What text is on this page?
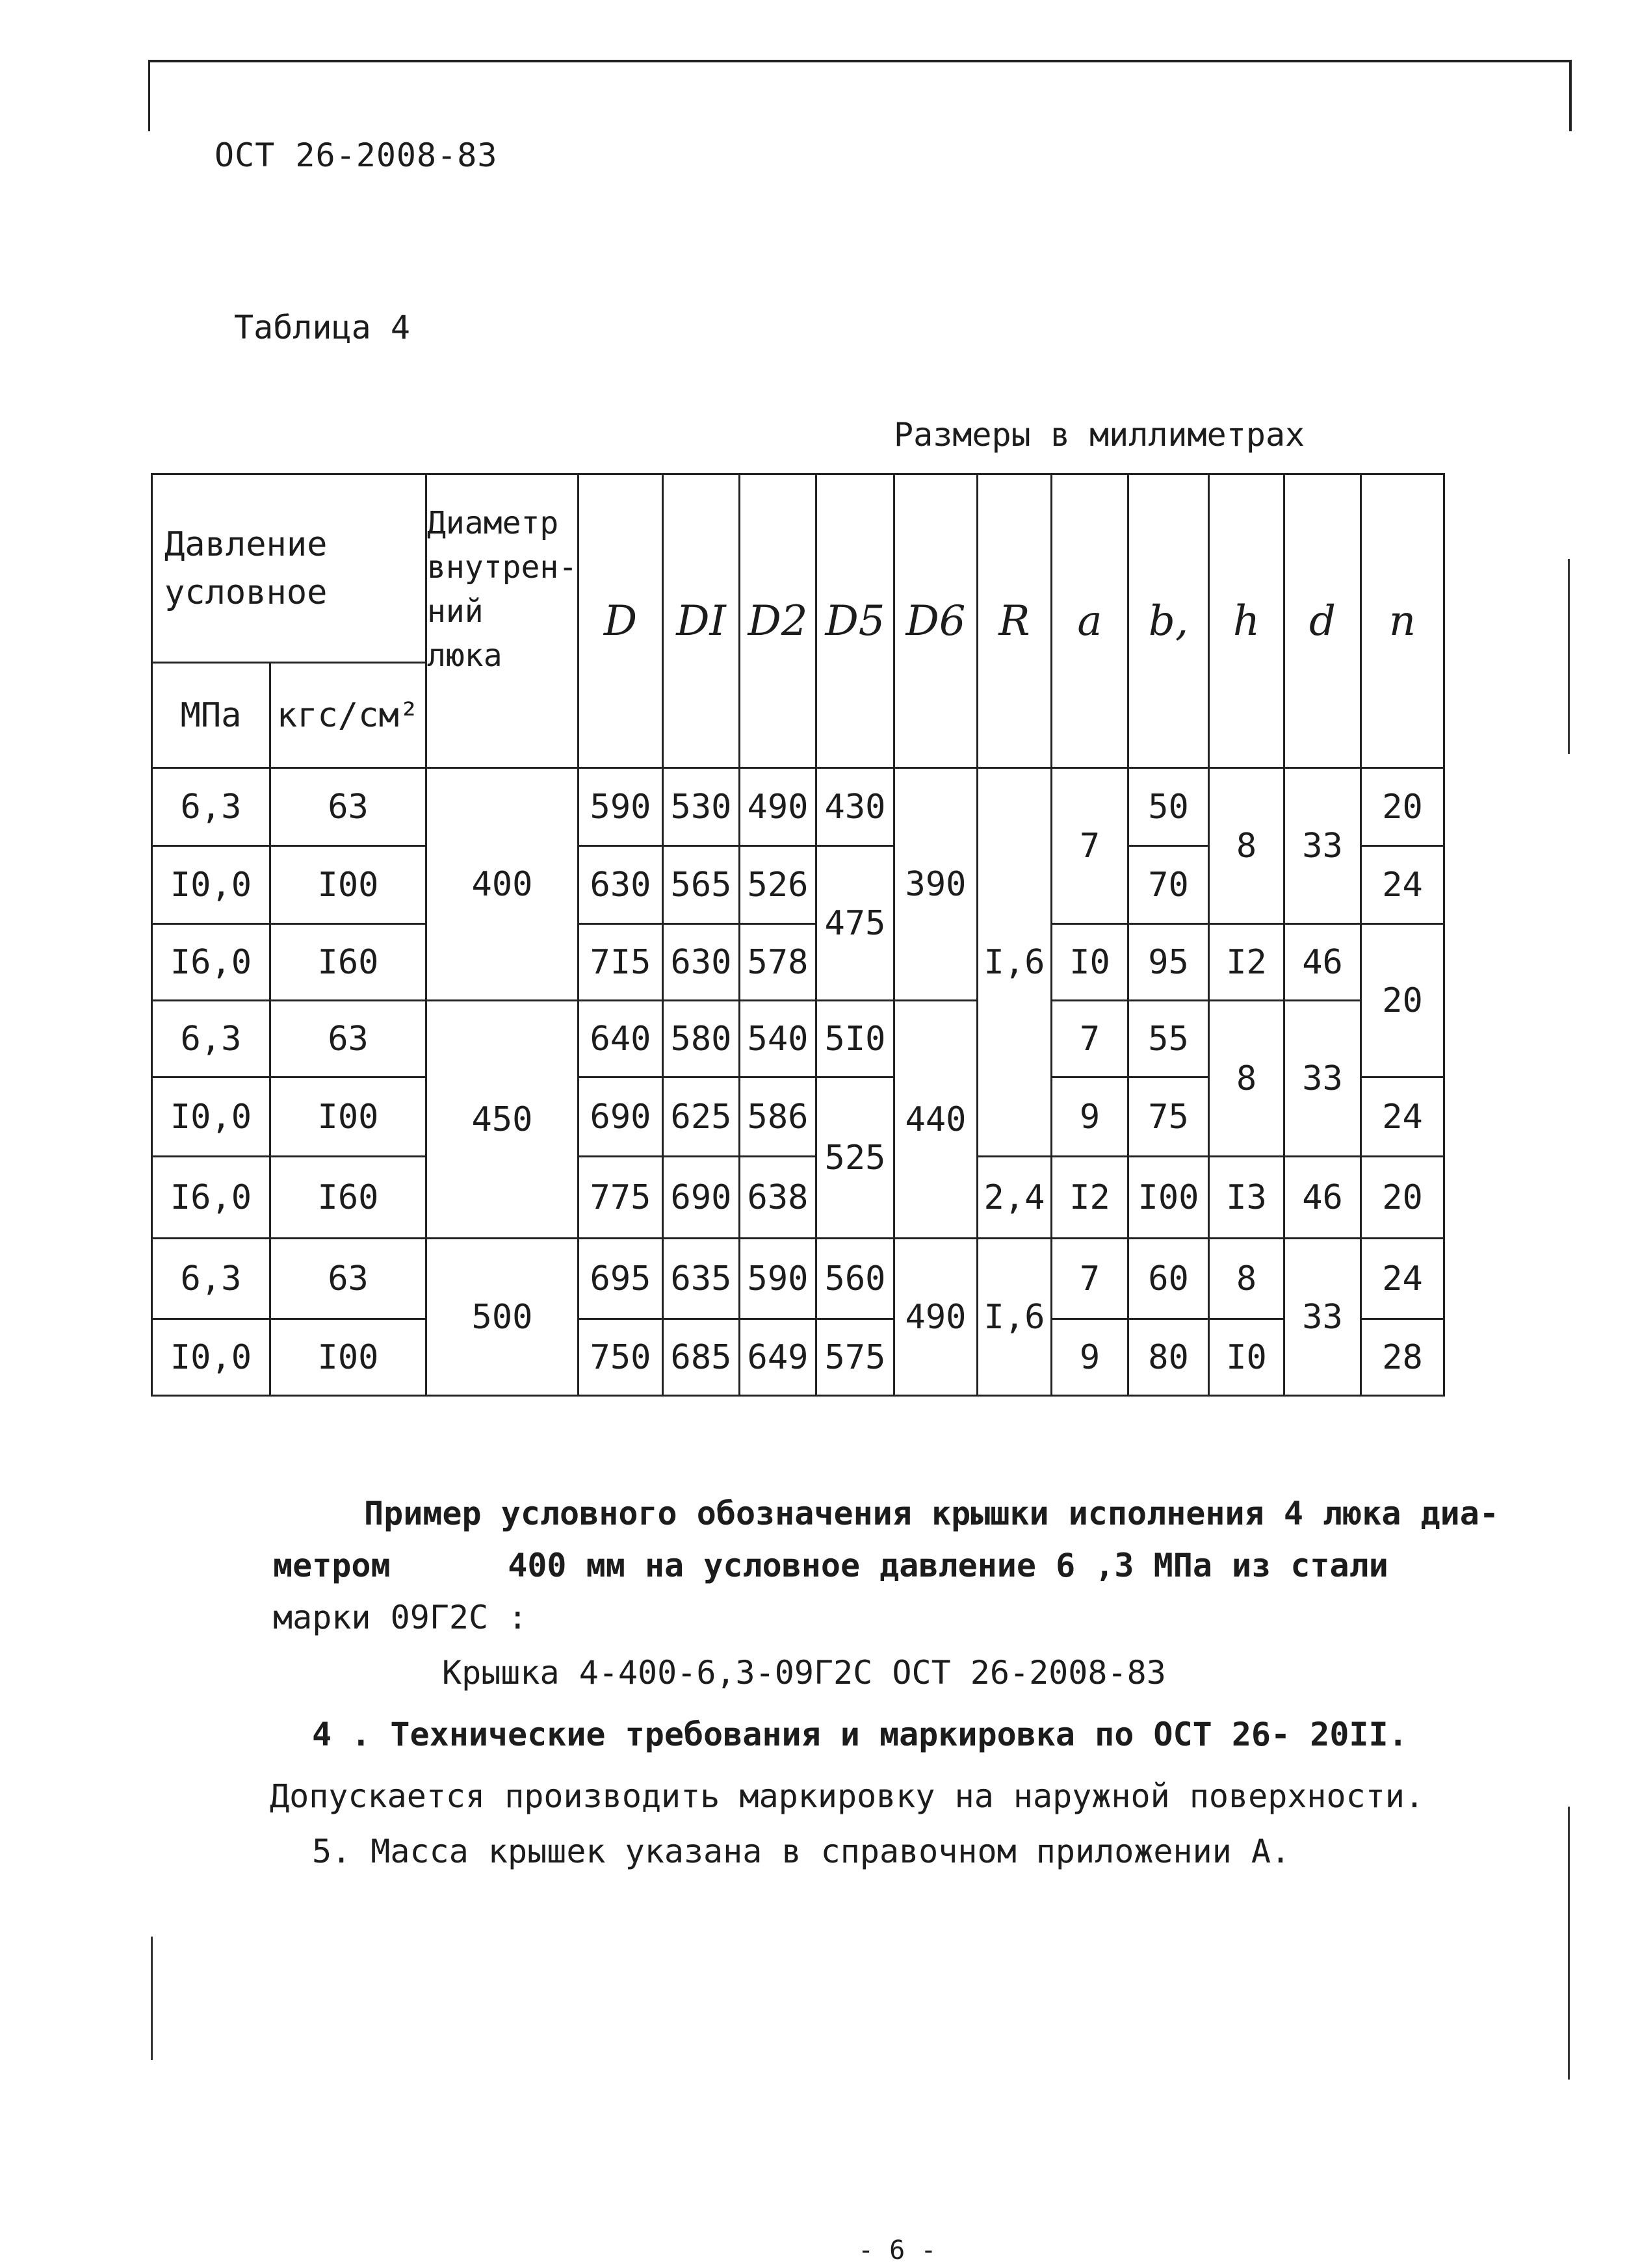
ОСТ 26-2008-83
Таблица 4
Размеры в миллиметрах
Давление условное		Диаметр внутрен-ний люка	D	DI	D2	D5	D6	R	a	b,	h	d	n
МПа	кгс/см²												
6,3	63	400	590	530	490	430	390	I,6	7	50	8	33	20
I0,0	I00		630	565	526	475				70			24
I6,0	I60		7I5	630	578				I0	95	I2	46	20
6,3	63	450	640	580	540	5I0	440		7	55	8	33	
I0,0	I00		690	625	586	525			9	75			24
I6,0	I60		775	690	638			2,4	I2	I00	I3	46	20
6,3	63	500	695	635	590	560	490	I,6	7	60	8	33	24
I0,0	I00		750	685	649	575			9	80	I0		28
Пример условного обозначения крышки исполнения 4 люка диа-
метром      400 мм на условное давление 6 ,3 МПа из стали
марки 09Г2С :
Крышка 4-400-6,3-09Г2С ОСТ 26-2008-83
4 . Технические требования и маркировка по ОСТ 26- 20II.
Допускается производить маркировку на наружной поверхности.
5. Масса крышек указана в справочном приложении А.
- 6 -
